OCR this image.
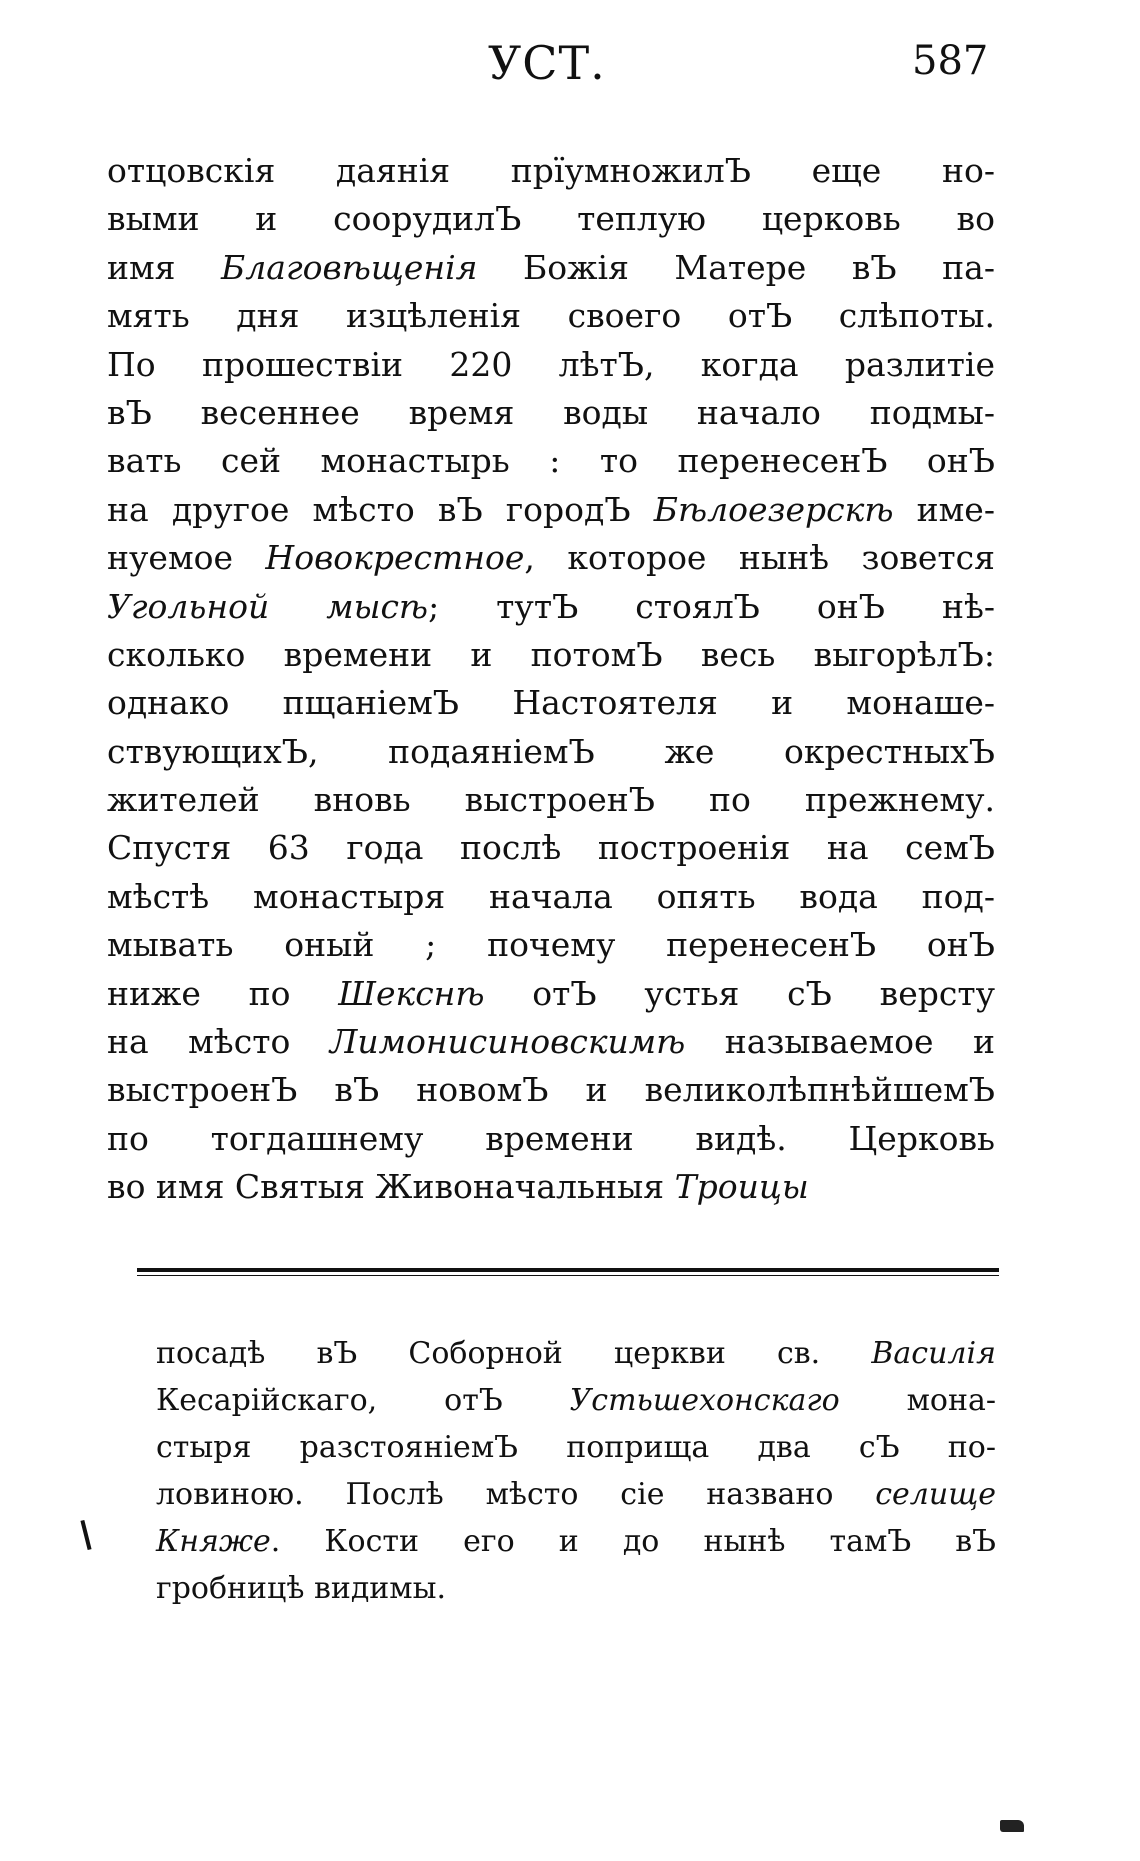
УСТ.	587
отцовскія даянія прїумножилЪ еще но-
выми и соорудилЪ теплую церковь во
имя Благовѣщенія Божія Матере вЪ па-
мять дня изцѣленія своего отЪ слѣпоты.
По прошествіи 220 лѣтЪ, когда разлитіе
вЪ весеннее время воды начало подмы-
вать сей монастырь : то перенесенЪ онЪ
на другое мѣсто вЪ городЪ Бѣлоезерскѣ име-
нуемое Новокрестное, которое нынѣ зовется
Угольной мысѣ; тутЪ стоялЪ онЪ нѣ-
сколько времени и потомЪ весь выгорѣлЪ:
однако пщаніемЪ Настоятеля и монаше-
ствующихЪ, подаяніемЪ же окрестныхЪ
жителей вновь выстроенЪ по прежнему.
Спустя 63 года послѣ построенія на семЪ
мѣстѣ монастыря начала опять вода под-
мывать оный ; почему перенесенЪ онЪ
ниже по Шекснѣ отЪ устья сЪ версту
на мѣсто Лимонисиновскимѣ называемое и
выстроенЪ вЪ новомЪ и великолѣпнѣйшемЪ
по тогдашнему времени видѣ. Церковь
во имя Святыя Живоначальныя Троицы
посадѣ вЪ Соборной церкви св. Василія
Кесарійскаго, отЪ Устьшехонскаго мона-
стыря разстояніемЪ поприща два сЪ по-
ловиною. Послѣ мѣсто сіе названо селище
Княже. Кости его и до нынѣ тамЪ вЪ
гробницѣ видимы.
